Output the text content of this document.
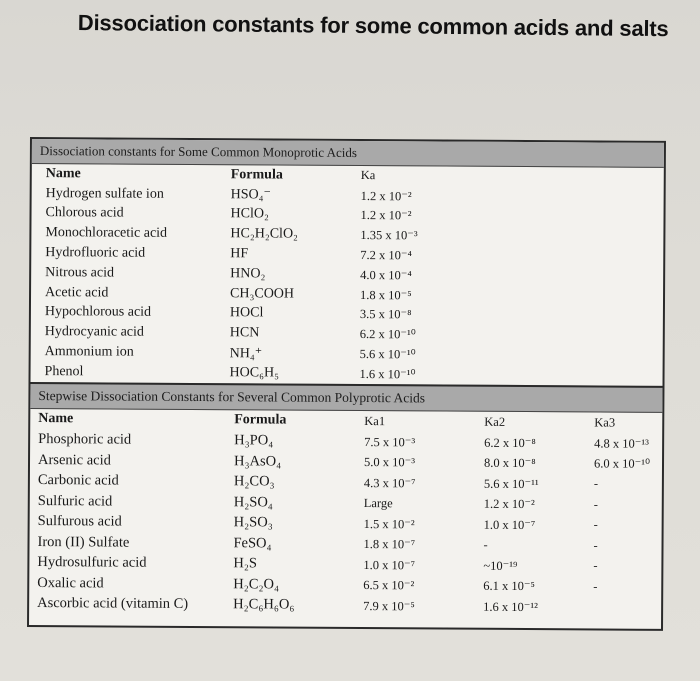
Dissociation constants for some common acids and salts
Dissociation constants for Some Common Monoprotic Acids
Name	Formula	Ka	
Hydrogen sulfate ion	HSO₄⁻	1.2 x 10⁻²	
Chlorous acid	HClO₂	1.2 x 10⁻²	
Monochloracetic acid	HC₂H₂ClO₂	1.35 x 10⁻³	
Hydrofluoric acid	HF	7.2 x 10⁻⁴	
Nitrous acid	HNO₂	4.0 x 10⁻⁴	
Acetic acid	CH₃COOH	1.8 x 10⁻⁵	
Hypochlorous acid	HOCl	3.5 x 10⁻⁸	
Hydrocyanic acid	HCN	6.2 x 10⁻¹⁰	
Ammonium ion	NH₄⁺	5.6 x 10⁻¹⁰	
Phenol	HOC₆H₅	1.6 x 10⁻¹⁰	
Stepwise Dissociation Constants for Several Common Polyprotic Acids
Name	Formula	Ka1	Ka2	Ka3
Phosphoric acid	H₃PO₄	7.5 x 10⁻³	6.2 x 10⁻⁸	4.8 x 10⁻¹³
Arsenic acid	H₃AsO₄	5.0 x 10⁻³	8.0 x 10⁻⁸	6.0 x 10⁻¹⁰
Carbonic acid	H₂CO₃	4.3 x 10⁻⁷	5.6 x 10⁻¹¹	-
Sulfuric acid	H₂SO₄	Large	1.2 x 10⁻²	-
Sulfurous acid	H₂SO₃	1.5 x 10⁻²	1.0 x 10⁻⁷	-
Iron (II) Sulfate	FeSO₄	1.8 x 10⁻⁷	-	-
Hydrosulfuric acid	H₂S	1.0 x 10⁻⁷	~10⁻¹⁹	-
Oxalic acid	H₂C₂O₄	6.5 x 10⁻²	6.1 x 10⁻⁵	-
Ascorbic acid (vitamin C)	H₂C₆H₆O₆	7.9 x 10⁻⁵	1.6 x 10⁻¹²	
